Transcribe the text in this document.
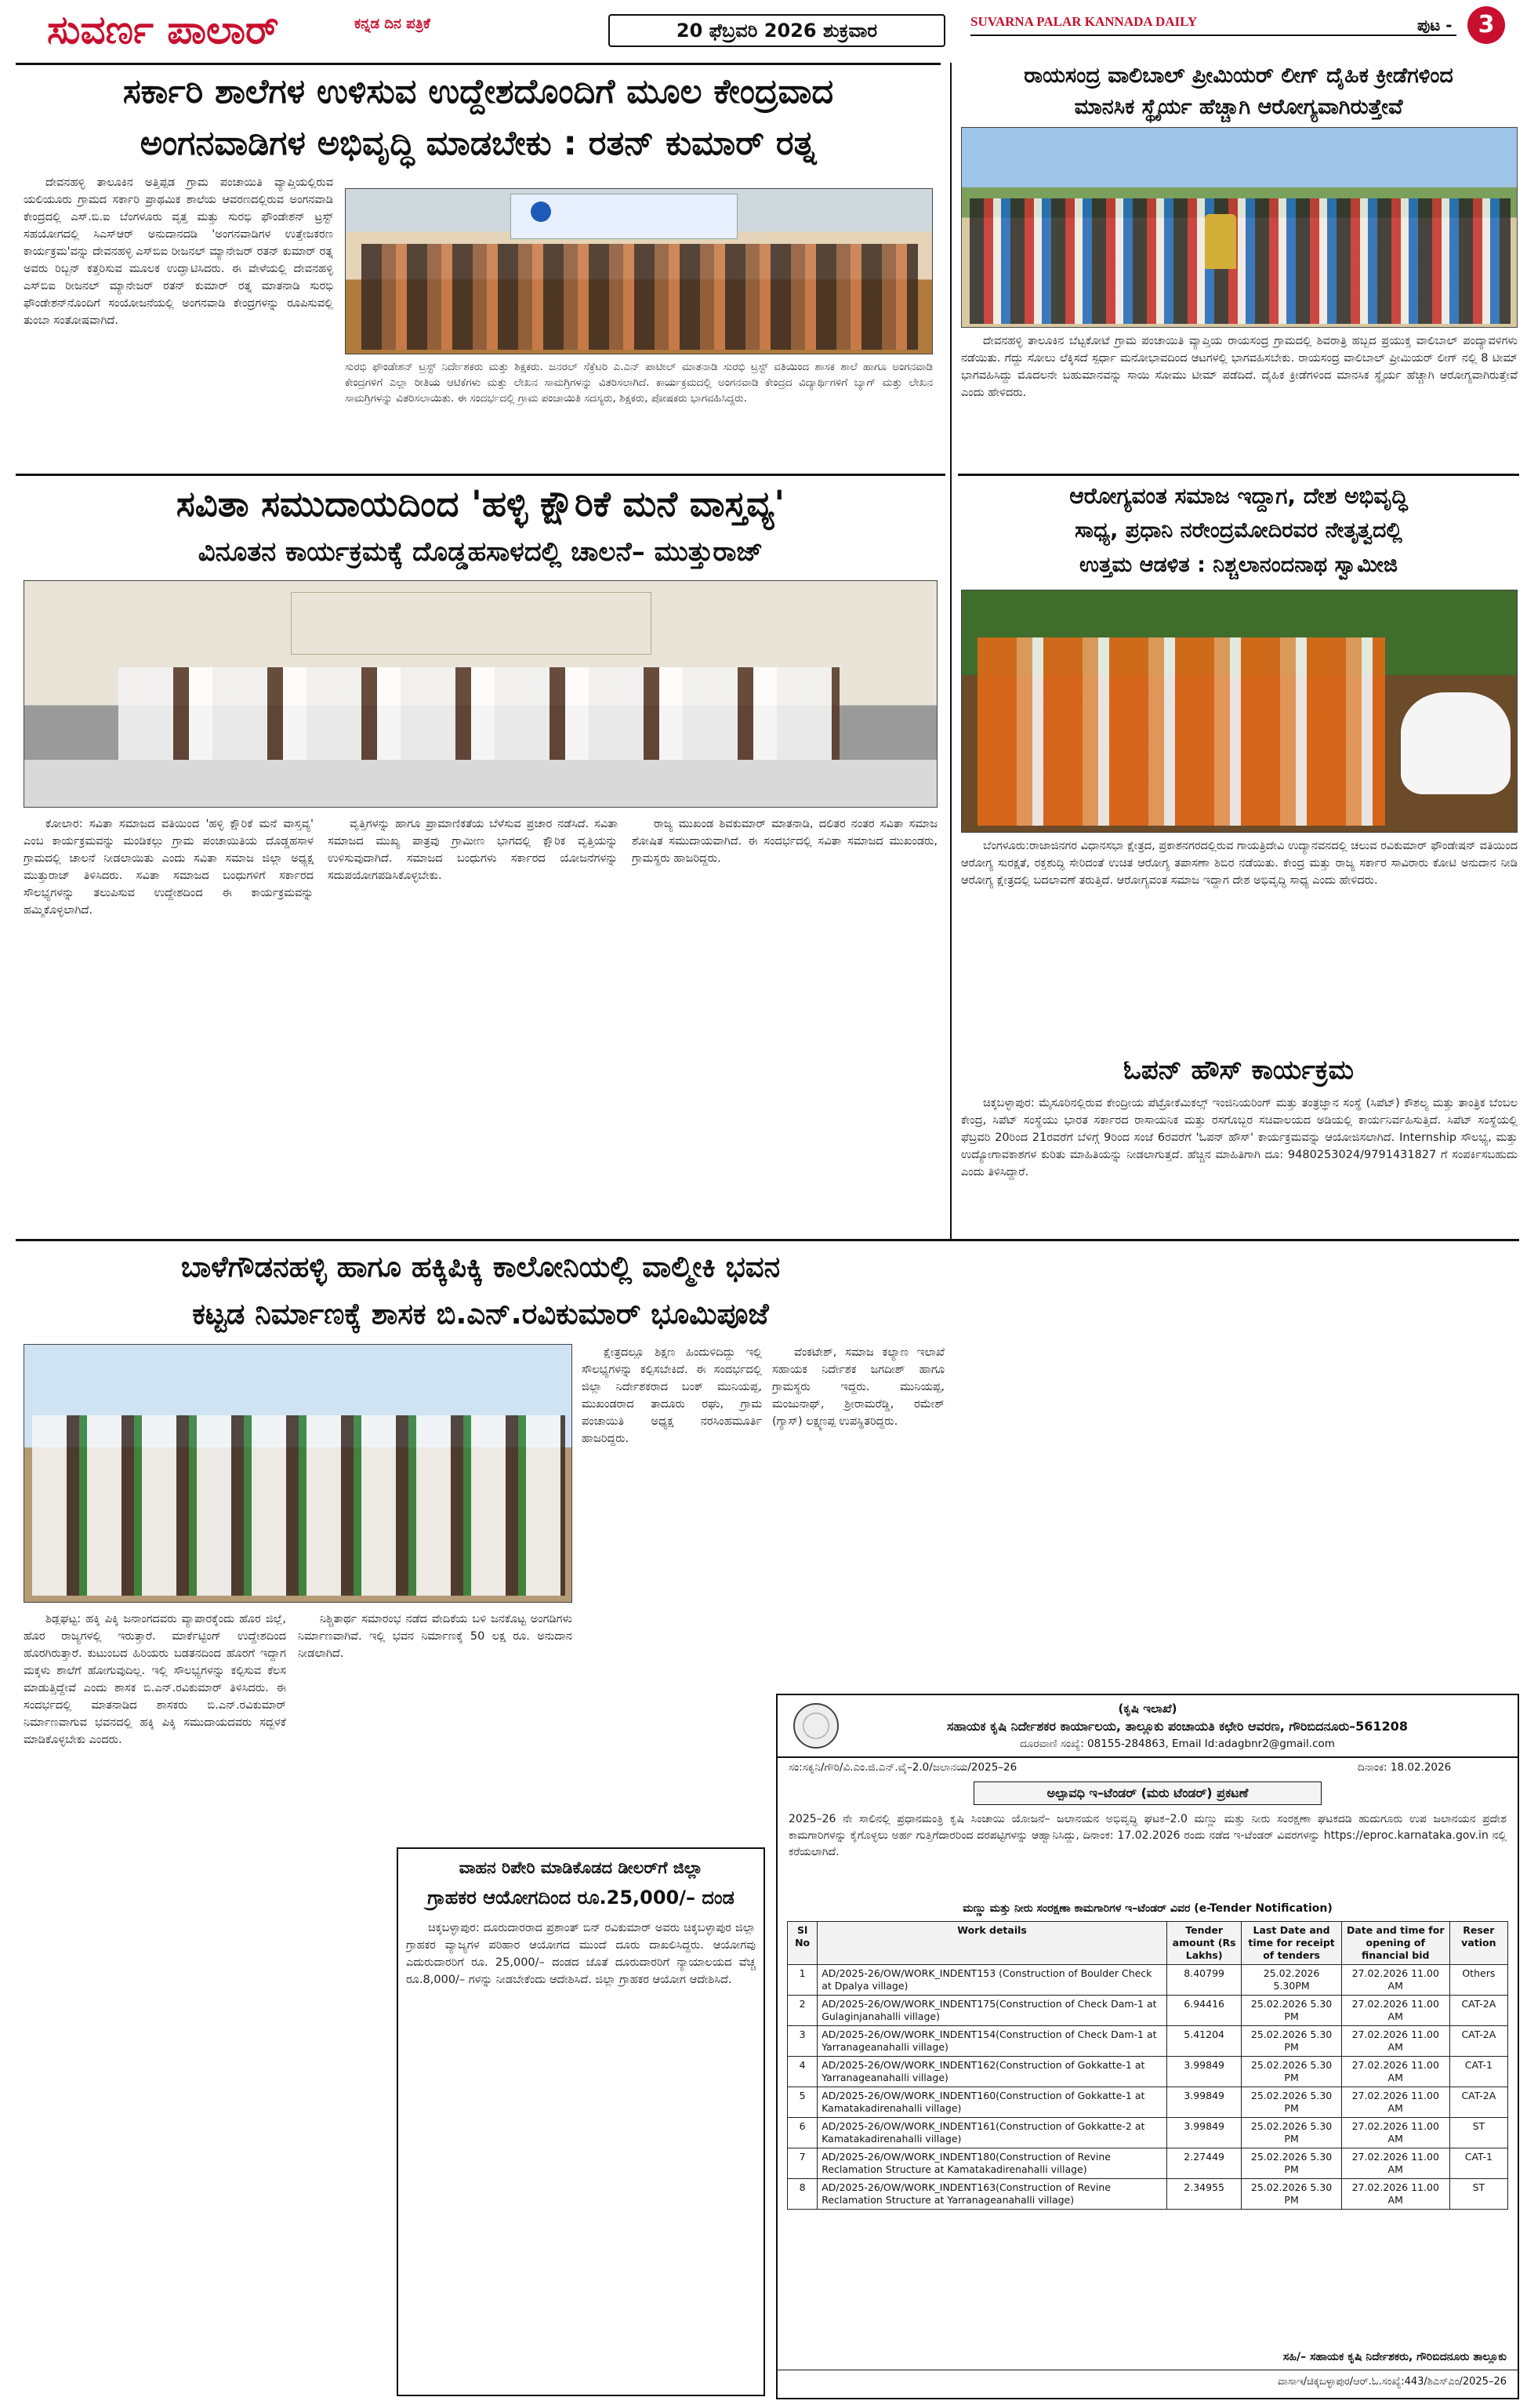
ಸುವರ್ಣ ಪಾಲಾರ್	ಕನ್ನಡ ದಿನ ಪತ್ರಿಕೆ	20 ಫೆಬ್ರವರಿ 2026 ಶುಕ್ರವಾರ	SUVARNA PALAR KANNADA DAILY	ಪುಟ -	3
ಸರ್ಕಾರಿ ಶಾಲೆಗಳ ಉಳಿಸುವ ಉದ್ದೇಶದೊಂದಿಗೆ ಮೂಲ ಕೇಂದ್ರವಾದ
ಅಂಗನವಾಡಿಗಳ ಅಭಿವೃದ್ಧಿ ಮಾಡಬೇಕು : ರತನ್ ಕುಮಾರ್ ರತ್ನ

ದೇವನಹಳ್ಳಿ ತಾಲೂಕಿನ ಅತ್ತಿಪ್ಪಡ ಗ್ರಾಮ ಪಂಚಾಯಿತಿ ವ್ಯಾಪ್ತಿಯಲ್ಲಿರುವ ಯಲಿಯೂರು ಗ್ರಾಮದ ಸರ್ಕಾರಿ ಪ್ರಾಥಮಿಕ ಶಾಲೆಯ ಆವರಣದಲ್ಲಿರುವ ಅಂಗನವಾಡಿ ಕೇಂದ್ರದಲ್ಲಿ ಎಸ್.ಬಿ.ಐ ಬೆಂಗಳೂರು ವೃತ್ತ ಮತ್ತು ಸುರಭಿ ಫೌಂಡೇಶನ್ ಟ್ರಸ್ಟ್ ಸಹಯೋಗದಲ್ಲಿ ಸಿಎಸ್‌ಆರ್ ಅನುದಾನದಡಿ 'ಅಂಗನವಾಡಿಗಳ ಉತ್ತೇಜಕರಣ ಕಾರ್ಯಕ್ರಮ'ವನ್ನು ದೇವನಹಳ್ಳಿ ಎಸ್‌ಬಿಐ ರೀಜನಲ್ ಮ್ಯಾನೇಜರ್ ರತನ್ ಕುಮಾರ್ ರತ್ನ ಅವರು ರಿಬ್ಬನ್ ಕತ್ತರಿಸುವ ಮೂಲಕ ಉದ್ಘಾಟಿಸಿದರು. ಈ ವೇಳೆಯಲ್ಲಿ ದೇವನಹಳ್ಳಿ ಎಸ್‌ಬಿಐ ರೀಜನಲ್ ಮ್ಯಾನೇಜರ್ ರತನ್ ಕುಮಾರ್ ರತ್ನ ಮಾತನಾಡಿ ಸುರಭಿ ಫೌಂಡೇಶನ್‌ನೊಂದಿಗೆ ಸಂಯೋಜನೆಯಲ್ಲಿ ಅಂಗನವಾಡಿ ಕೇಂದ್ರಗಳನ್ನು ರೂಪಿಸುವಲ್ಲಿ ತುಂಬಾ ಸಂತೋಷವಾಗಿದೆ.

ಸುರಭಿ ಫೌಂಡೇಶನ್ ಟ್ರಸ್ಟ್ ನಿರ್ದೇಶಕರು ಮತ್ತು ಶಿಕ್ಷಕರು. ಜನರಲ್ ಸೆಕ್ರೆಟರಿ ಎ.ಎನ್ ಪಾಟೀಲ್ ಮಾತನಾಡಿ ಸುರಭಿ ಟ್ರಸ್ಟ್ ವತಿಯಿಂದ ಶಾಸಕ ಶಾಲೆ ಹಾಗೂ ಅಂಗನವಾಡಿ ಕೇಂದ್ರಗಳಿಗೆ ಎಲ್ಲಾ ರೀತಿಯ ಆಟಿಕೆಗಳು ಮತ್ತು ಲೇಖನ ಸಾಮಗ್ರಿಗಳನ್ನು ವಿತರಿಸಲಾಗಿದೆ. ಕಾರ್ಯಕ್ರಮದಲ್ಲಿ ಅಂಗನವಾಡಿ ಕೇಂದ್ರದ ವಿದ್ಯಾರ್ಥಿಗಳಿಗೆ ಬ್ಯಾಗ್ ಮತ್ತು ಲೇಖನ ಸಾಮಗ್ರಿಗಳನ್ನು ವಿತರಿಸಲಾಯಿತು. ಈ ಸಂದರ್ಭದಲ್ಲಿ ಗ್ರಾಮ ಪಂಚಾಯಿತಿ ಸದಸ್ಯರು, ಶಿಕ್ಷಕರು, ಪೋಷಕರು ಭಾಗವಹಿಸಿದ್ದರು.
ರಾಯಸಂದ್ರ ವಾಲಿಬಾಲ್ ಪ್ರೀಮಿಯರ್ ಲೀಗ್ ದೈಹಿಕ ಕ್ರೀಡೆಗಳಿಂದ
ಮಾನಸಿಕ ಸ್ಥೈರ್ಯ ಹೆಚ್ಚಾಗಿ ಆರೋಗ್ಯವಾಗಿರುತ್ತೇವೆ

ದೇವನಹಳ್ಳಿ ತಾಲೂಕಿನ ಬೆಟ್ಟಕೋಟೆ ಗ್ರಾಮ ಪಂಚಾಯಿತಿ ವ್ಯಾಪ್ತಿಯ ರಾಯಸಂದ್ರ ಗ್ರಾಮದಲ್ಲಿ ಶಿವರಾತ್ರಿ ಹಬ್ಬದ ಪ್ರಯುಕ್ತ ವಾಲಿಬಾಲ್ ಪಂದ್ಯಾವಳಿಗಳು ನಡೆಯಿತು. ಗೆದ್ದು ಸೋಲು ಲೆಕ್ಕಿಸದೆ ಸ್ಪರ್ಧಾ ಮನೋಭಾವದಿಂದ ಆಟಗಳಲ್ಲಿ ಭಾಗವಹಿಸಬೇಕು. ರಾಯಸಂದ್ರ ವಾಲಿಬಾಲ್ ಪ್ರೀಮಿಯರ್ ಲೀಗ್ ನಲ್ಲಿ 8 ಟೀಮ್ ಭಾಗವಹಿಸಿದ್ದು ಮೊದಲನೇ ಬಹುಮಾನವನ್ನು ಸಾಯಿ ಸೋಮು ಟೀಮ್ ಪಡೆದಿದೆ. ದೈಹಿಕ ಕ್ರೀಡೆಗಳಿಂದ ಮಾನಸಿಕ ಸ್ಥೈರ್ಯ ಹೆಚ್ಚಾಗಿ ಆರೋಗ್ಯವಾಗಿರುತ್ತೇವೆ ಎಂದು ಹೇಳಿದರು.

ಸವಿತಾ ಸಮುದಾಯದಿಂದ 'ಹಳ್ಳಿ ಕ್ಷೌರಿಕೆ ಮನೆ ವಾಸ್ತವ್ಯ'
ವಿನೂತನ ಕಾರ್ಯಕ್ರಮಕ್ಕೆ ದೊಡ್ಡಹಸಾಳದಲ್ಲಿ ಚಾಲನೆ– ಮುತ್ತುರಾಜ್

ಕೋಲಾರ: ಸವಿತಾ ಸಮಾಜದ ವತಿಯಿಂದ 'ಹಳ್ಳಿ ಕ್ಷೌರಿಕೆ ಮನೆ ವಾಸ್ತವ್ಯ' ಎಂಬ ಕಾರ್ಯಕ್ರಮವನ್ನು ಮಂಡಿಕಲ್ಲು ಗ್ರಾಮ ಪಂಚಾಯಿತಿಯ ದೊಡ್ಡಹಸಾಳ ಗ್ರಾಮದಲ್ಲಿ ಚಾಲನೆ ನೀಡಲಾಯಿತು ಎಂದು ಸವಿತಾ ಸಮಾಜ ಜಿಲ್ಲಾ ಅಧ್ಯಕ್ಷ ಮುತ್ತುರಾಜ್ ತಿಳಿಸಿದರು. ಸವಿತಾ ಸಮಾಜದ ಬಂಧುಗಳಿಗೆ ಸರ್ಕಾರದ ಸೌಲಭ್ಯಗಳನ್ನು ತಲುಪಿಸುವ ಉದ್ದೇಶದಿಂದ ಈ ಕಾರ್ಯಕ್ರಮವನ್ನು ಹಮ್ಮಿಕೊಳ್ಳಲಾಗಿದೆ.

ವೃತ್ತಿಗಳನ್ನು ಹಾಗೂ ಪ್ರಾಮಾಣಿಕತೆಯ ಬೆಳೆಸುವ ಪ್ರಚಾರ ನಡೆಸಿದೆ. ಸವಿತಾ ಸಮಾಜದ ಮುಖ್ಯ ಪಾತ್ರವು ಗ್ರಾಮೀಣ ಭಾಗದಲ್ಲಿ ಕ್ಷೌರಿಕ ವೃತ್ತಿಯನ್ನು ಉಳಿಸುವುದಾಗಿದೆ. ಸಮಾಜದ ಬಂಧುಗಳು ಸರ್ಕಾರದ ಯೋಜನೆಗಳನ್ನು ಸದುಪಯೋಗಪಡಿಸಿಕೊಳ್ಳಬೇಕು.

ರಾಜ್ಯ ಮುಖಂಡ ಶಿವಕುಮಾರ್ ಮಾತನಾಡಿ, ದಲಿತರ ನಂತರ ಸವಿತಾ ಸಮಾಜ ಶೋಷಿತ ಸಮುದಾಯವಾಗಿದೆ. ಈ ಸಂದರ್ಭದಲ್ಲಿ ಸವಿತಾ ಸಮಾಜದ ಮುಖಂಡರು, ಗ್ರಾಮಸ್ಥರು ಹಾಜರಿದ್ದರು.

ಆರೋಗ್ಯವಂತ ಸಮಾಜ ಇದ್ದಾಗ, ದೇಶ ಅಭಿವೃದ್ಧಿ
ಸಾಧ್ಯ, ಪ್ರಧಾನಿ ನರೇಂದ್ರಮೋದಿರವರ ನೇತೃತ್ವದಲ್ಲಿ
ಉತ್ತಮ ಆಡಳಿತ : ನಿಶ್ಚಲಾನಂದನಾಥ ಸ್ವಾಮೀಜಿ

ಬೆಂಗಳೂರು:ರಾಜಾಜಿನಗರ ವಿಧಾನಸಭಾ ಕ್ಷೇತ್ರದ, ಪ್ರಕಾಶನಗರದಲ್ಲಿರುವ ಗಾಯತ್ರಿದೇವಿ ಉದ್ಯಾನವನದಲ್ಲಿ ಚಲುವ ರವಿಕುಮಾರ್ ಫೌಂಡೇಷನ್ ವತಿಯಿಂದ ಆರೋಗ್ಯ ಸುರಕ್ಷತೆ, ರಕ್ತಶುದ್ಧಿ ಸೇರಿದಂತೆ ಉಚಿತ ಆರೋಗ್ಯ ತಪಾಸಣಾ ಶಿಬಿರ ನಡೆಯಿತು. ಕೇಂದ್ರ ಮತ್ತು ರಾಜ್ಯ ಸರ್ಕಾರ ಸಾವಿರಾರು ಕೋಟಿ ಅನುದಾನ ನೀಡಿ ಆರೋಗ್ಯ ಕ್ಷೇತ್ರದಲ್ಲಿ ಬದಲಾವಣೆ ತರುತ್ತಿದೆ. ಆರೋಗ್ಯವಂತ ಸಮಾಜ ಇದ್ದಾಗ ದೇಶ ಅಭಿವೃದ್ಧಿ ಸಾಧ್ಯ ಎಂದು ಹೇಳಿದರು.

ಓಪನ್ ಹೌಸ್ ಕಾರ್ಯಕ್ರಮ

ಚಿಕ್ಕಬಳ್ಳಾಪುರ: ಮೈಸೂರಿನಲ್ಲಿರುವ ಕೇಂದ್ರೀಯ ಪೆಟ್ರೋಕೆಮಿಕಲ್ಸ್ ಇಂಜಿನಿಯರಿಂಗ್ ಮತ್ತು ತಂತ್ರಜ್ಞಾನ ಸಂಸ್ಥೆ (ಸಿಪೆಟ್) ಕೌಶಲ್ಯ ಮತ್ತು ತಾಂತ್ರಿಕ ಬೆಂಬಲ ಕೇಂದ್ರ, ಸಿಪೆಟ್ ಸಂಸ್ಥೆಯು ಭಾರತ ಸರ್ಕಾರದ ರಾಸಾಯನಿಕ ಮತ್ತು ರಸಗೊಬ್ಬರ ಸಚಿವಾಲಯದ ಅಡಿಯಲ್ಲಿ ಕಾರ್ಯನಿರ್ವಹಿಸುತ್ತಿದೆ. ಸಿಪೆಟ್ ಸಂಸ್ಥೆಯಲ್ಲಿ ಫೆಬ್ರವರಿ 20ರಿಂದ 21ರವರೆಗೆ ಬೆಳಿಗ್ಗೆ 9ರಿಂದ ಸಂಜೆ 6ರವರೆಗೆ 'ಓಪನ್ ಹೌಸ್' ಕಾರ್ಯಕ್ರಮವನ್ನು ಆಯೋಜಿಸಲಾಗಿದೆ. Internship ಸೌಲಭ್ಯ, ಮತ್ತು ಉದ್ಯೋಗಾವಕಾಶಗಳ ಕುರಿತು ಮಾಹಿತಿಯನ್ನು ನೀಡಲಾಗುತ್ತದೆ. ಹೆಚ್ಚಿನ ಮಾಹಿತಿಗಾಗಿ ದೂ: 9480253024/9791431827 ಗೆ ಸಂಪರ್ಕಿಸಬಹುದು ಎಂದು ತಿಳಿಸಿದ್ದಾರೆ.

ಬಾಳೆಗೌಡನಹಳ್ಳಿ ಹಾಗೂ ಹಕ್ಕಿಪಿಕ್ಕಿ ಕಾಲೋನಿಯಲ್ಲಿ ವಾಲ್ಮೀಕಿ ಭವನ
ಕಟ್ಟಡ ನಿರ್ಮಾಣಕ್ಕೆ ಶಾಸಕ ಬಿ.ಎನ್.ರವಿಕುಮಾರ್ ಭೂಮಿಪೂಜೆ

ಶಿಡ್ಲಘಟ್ಟ: ಹಕ್ಕಿ ಪಿಕ್ಕಿ ಜನಾಂಗದವರು ವ್ಯಾಪಾರಕ್ಕೆಂದು ಹೊರ ಜಿಲ್ಲೆ, ಹೊರ ರಾಜ್ಯಗಳಲ್ಲಿ ಇರುತ್ತಾರೆ. ಮಾರ್ಕೆಟ್ಟಿಂಗ್ ಉದ್ದೇಶದಿಂದ ಹೊರಗಿರುತ್ತಾರೆ. ಕುಟುಂಬದ ಹಿರಿಯರು ಬಡತನದಿಂದ ಹೊರಗೆ ಇದ್ದಾಗ ಮಕ್ಕಳು ಶಾಲೆಗೆ ಹೋಗುವುದಿಲ್ಲ. ಇಲ್ಲಿ ಸೌಲಭ್ಯಗಳನ್ನು ಕಲ್ಪಿಸುವ ಕೆಲಸ ಮಾಡುತ್ತಿದ್ದೇವೆ ಎಂದು ಶಾಸಕ ಬಿ.ಎನ್.ರವಿಕುಮಾರ್ ತಿಳಿಸಿದರು. ಈ ಸಂದರ್ಭದಲ್ಲಿ ಮಾತನಾಡಿದ ಶಾಸಕರು ಬಿ.ಎನ್.ರವಿಕುಮಾರ್ ನಿರ್ಮಾಣವಾಗುವ ಭವನದಲ್ಲಿ ಹಕ್ಕಿ ಪಿಕ್ಕಿ ಸಮುದಾಯದವರು ಸದ್ಬಳಕೆ ಮಾಡಿಕೊಳ್ಳಬೇಕು ಎಂದರು.

ನಿಶ್ಚಿತಾರ್ಥ ಸಮಾರಂಭ ನಡೆದ ವೇದಿಕೆಯ ಬಳಿ ಜನಕೊಟ್ಟ ಅಂಗಡಿಗಳು ನಿರ್ಮಾಣವಾಗಿವೆ. ಇಲ್ಲಿ ಭವನ ನಿರ್ಮಾಣಕ್ಕೆ 50 ಲಕ್ಷ ರೂ. ಅನುದಾನ ನೀಡಲಾಗಿದೆ.

ಕ್ಷೇತ್ರದಲ್ಲೂ ಶಿಕ್ಷಣ ಹಿಂದುಳಿದಿದ್ದು ಇಲ್ಲಿ ಸೌಲಭ್ಯಗಳನ್ನು ಕಲ್ಪಿಸಬೇಕಿದೆ. ಈ ಸಂದರ್ಭದಲ್ಲಿ ಜಿಲ್ಲಾ ನಿರ್ದೇಶಕರಾದ ಬಂಕ್ ಮುನಿಯಪ್ಪ, ಮುಖಂಡರಾದ ತಾದೂರು ರಘು, ಗ್ರಾಮ ಪಂಚಾಯಿತಿ ಅಧ್ಯಕ್ಷ ನರಸಿಂಹಮೂರ್ತಿ ಹಾಜರಿದ್ದರು.

ವೆಂಕಟೇಶ್, ಸಮಾಜ ಕಲ್ಯಾಣ ಇಲಾಖೆ ಸಹಾಯಕ ನಿರ್ದೇಶಕ ಜಗದೀಶ್ ಹಾಗೂ ಗ್ರಾಮಸ್ಥರು ಇದ್ದರು. ಮುನಿಯಪ್ಪ, ಮಂಜುನಾಥ್, ಶ್ರೀರಾಮರೆಡ್ಡಿ, ರಮೇಶ್ (ಗ್ಯಾಸ್) ಲಕ್ಷ್ಮಣಪ್ಪ ಉಪಸ್ಥಿತರಿದ್ದರು.

ವಾಹನ ರಿಪೇರಿ ಮಾಡಿಕೊಡದ ಡೀಲರ್‌ಗೆ ಜಿಲ್ಲಾ
ಗ್ರಾಹಕರ ಆಯೋಗದಿಂದ ರೂ.25,000/– ದಂಡ

ಚಿಕ್ಕಬಳ್ಳಾಪುರ: ದೂರುದಾರರಾದ ಪ್ರಶಾಂತ್ ಬಿನ್ ರವಿಕುಮಾರ್ ಅವರು ಚಿಕ್ಕಬಳ್ಳಾಪುರ ಜಿಲ್ಲಾ ಗ್ರಾಹಕರ ವ್ಯಾಜ್ಯಗಳ ಪರಿಹಾರ ಆಯೋಗದ ಮುಂದೆ ದೂರು ದಾಖಲಿಸಿದ್ದರು. ಆಯೋಗವು ಎದುರುದಾರರಿಗೆ ರೂ. 25,000/– ದಂಡದ ಜೊತೆ ದೂರುದಾರರಿಗೆ ನ್ಯಾಯಾಲಯದ ವೆಚ್ಚ ರೂ.8,000/– ಗಳನ್ನು ನೀಡಬೇಕೆಂದು ಆದೇಶಿಸಿದೆ. ಜಿಲ್ಲಾ ಗ್ರಾಹಕರ ಆಯೋಗ ಆದೇಶಿಸಿದೆ.

(ಕೃಷಿ ಇಲಾಖೆ)
ಸಹಾಯಕ ಕೃಷಿ ನಿರ್ದೇಶಕರ ಕಾರ್ಯಾಲಯ, ತಾಲ್ಲೂಕು ಪಂಚಾಯತಿ ಕಛೇರಿ ಆವರಣ, ಗೌರಿಬಿದನೂರು–561208
ದೂರವಾಣಿ ಸಂಖ್ಯೆ: 08155-284863, Email Id:adagbnr2@gmail.com
ಸಂ:ಸಕೃನಿ/ಗೌರಿ/ವಿ.ಎಂ.ಜಿ.ಎನ್.ವೈ–2.0/ಜಲಾನಯ/2025–26	ದಿನಾಂಕ: 18.02.2026
ಅಲ್ಪಾವಧಿ ಇ–ಟೆಂಡರ್ (ಮರು ಟೆಂಡರ್) ಪ್ರಕಟಣೆ
2025–26 ನೇ ಸಾಲಿನಲ್ಲಿ ಪ್ರಧಾನಮಂತ್ರಿ ಕೃಷಿ ಸಿಂಚಾಯಿ ಯೋಜನೆ– ಜಲಾನಯನ ಅಭಿವೃದ್ಧಿ ಘಟಕ–2.0 ಮಣ್ಣು ಮತ್ತು ನೀರು ಸಂರಕ್ಷಣಾ ಘಟಕದಡಿ ಹುದುಗೂರು ಉಪ ಜಲಾನಯನ ಪ್ರದೇಶ ಕಾಮಗಾರಿಗಳನ್ನು ಕೈಗೊಳ್ಳಲು ಅರ್ಹ ಗುತ್ತಿಗೆದಾರರಿಂದ ದರಪಟ್ಟಿಗಳನ್ನು ಆಹ್ವಾನಿಸಿದ್ದು, ದಿನಾಂಕ: 17.02.2026 ರಂದು ನಡೆದ ಇ-ಟೆಂಡರ್ ವಿವರಗಳನ್ನು https://eproc.karnataka.gov.in ನಲ್ಲಿ ಕರೆಯಲಾಗಿದೆ.
ಮಣ್ಣು ಮತ್ತು ನೀರು ಸಂರಕ್ಷಣಾ ಕಾಮಗಾರಿಗಳ ಇ–ಟೆಂಡರ್ ವಿವರ (e-Tender Notification)
Sl No	Work details	Tender amount (Rs Lakhs)	Last Date and time for receipt of tenders	Date and time for opening of financial bid	Reser vation
1	AD/2025-26/OW/WORK_INDENT153 (Construction of Boulder Check at Dpalya village)	8.40799	25.02.2026 5.30PM	27.02.2026 11.00 AM	Others
2	AD/2025-26/OW/WORK_INDENT175(Construction of Check Dam-1 at Gulaginjanahalli village)	6.94416	25.02.2026 5.30 PM	27.02.2026 11.00 AM	CAT-2A
3	AD/2025-26/OW/WORK_INDENT154(Construction of Check Dam-1 at Yarranageanahalli village)	5.41204	25.02.2026 5.30 PM	27.02.2026 11.00 AM	CAT-2A
4	AD/2025-26/OW/WORK_INDENT162(Construction of Gokkatte-1 at Yarranageanahalli village)	3.99849	25.02.2026 5.30 PM	27.02.2026 11.00 AM	CAT-1
5	AD/2025-26/OW/WORK_INDENT160(Construction of Gokkatte-1 at Kamatakadirenahalli village)	3.99849	25.02.2026 5.30 PM	27.02.2026 11.00 AM	CAT-2A
6	AD/2025-26/OW/WORK_INDENT161(Construction of Gokkatte-2 at Kamatakadirenahalli village)	3.99849	25.02.2026 5.30 PM	27.02.2026 11.00 AM	ST
7	AD/2025-26/OW/WORK_INDENT180(Construction of Revine Reclamation Structure at Kamatakadirenahalli village)	2.27449	25.02.2026 5.30 PM	27.02.2026 11.00 AM	CAT-1
8	AD/2025-26/OW/WORK_INDENT163(Construction of Revine Reclamation Structure at Yarranageanahalli village)	2.34955	25.02.2026 5.30 PM	27.02.2026 11.00 AM	ST
ಸಹಿ/– ಸಹಾಯಕ ಕೃಷಿ ನಿರ್ದೇಶಕರು, ಗೌರಿಬಿದನೂರು ತಾಲ್ಲೂಕು
ವಾಸಾಇ/ಚಿಕ್ಕಬಳ್ಳಾಪುರ/ಆರ್.ಓ.ಸಂಖ್ಯೆ:443/ಶಿಎಸ್‌ಎಂ/2025–26
